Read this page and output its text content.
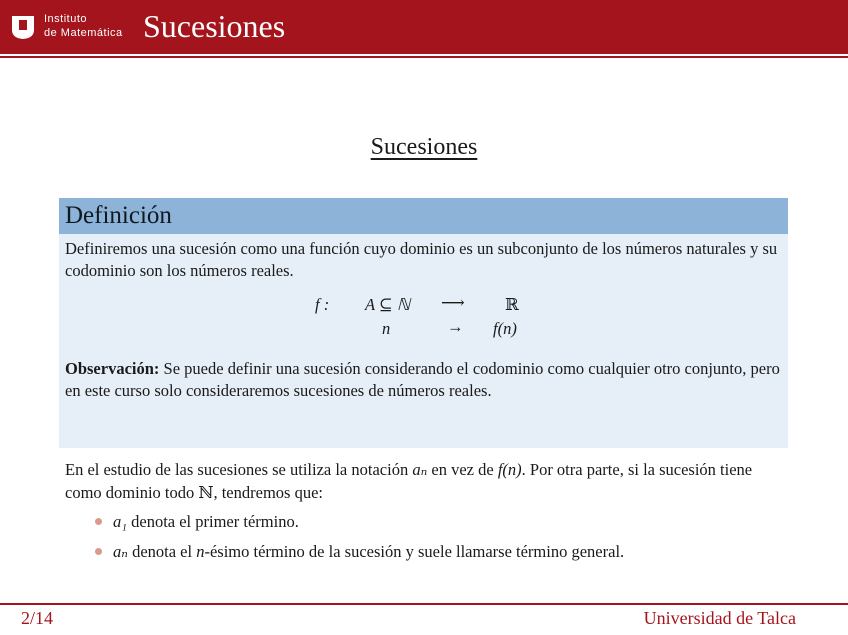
Instituto
de Matemática Sucesiones
Sucesiones
Definición
Definiremos una sucesión como una función cuyo dominio es un subconjunto de los números naturales y su codominio son los números reales.
f : A ⊆ ℕ ⟶ ℝ
n	→ f(n)
Observación: Se puede definir una sucesión considerando el codominio como cualquier otro conjunto, pero en este curso solo consideraremos sucesiones de números reales.
En el estudio de las sucesiones se utiliza la notación aₙ en vez de f(n). Por otra parte, si la sucesión tiene como dominio todo ℕ, tendremos que:
a₁ denota el primer término.
aₙ denota el n-ésimo término de la sucesión y suele llamarse término general.
2/14	Universidad de Talca
